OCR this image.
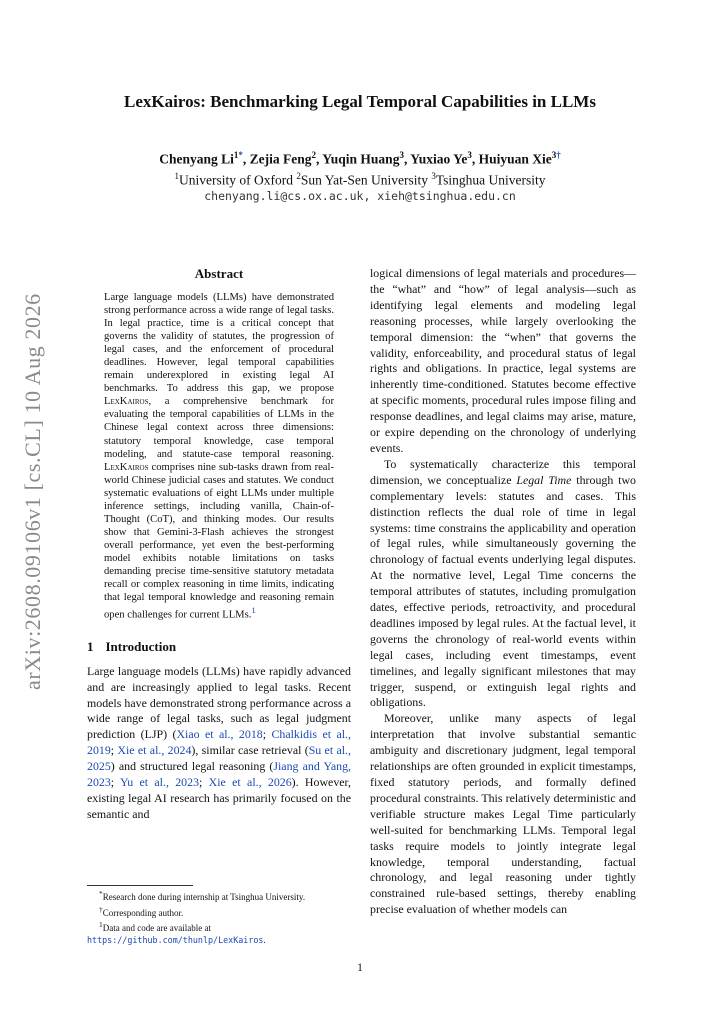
arXiv:2608.09106v1 [cs.CL] 10 Aug 2026
LexKairos: Benchmarking Legal Temporal Capabilities in LLMs
Chenyang $Li^{1*}$, Zejia Feng$^2$, Yuqin Huang$^3$, Yuxiao Ye$^3$, Huiyuan Xie$^{3\dagger}$
$^1$University of Oxford $^2$Sun Yat-Sen University $^3$Tsinghua University
chenyang.li@cs.ox.ac.uk, xieh@tsinghua.edu.cn
Abstract

Large language models (LLMs) have demonstrated strong performance across a wide range of legal tasks. In legal practice, time is a critical concept that governs the validity of statutes, the progression of legal cases, and the enforcement of procedural deadlines. However, legal temporal capabilities remain underexplored in existing legal AI benchmarks. To address this gap, we propose LexKairos, a comprehensive benchmark for evaluating the temporal capabilities of LLMs in the Chinese legal context across three dimensions: statutory temporal knowledge, case temporal modeling, and statute-case temporal reasoning. LexKairos comprises nine sub-tasks drawn from real-world Chinese judicial cases and statutes. We conduct systematic evaluations of eight LLMs under multiple inference settings, including vanilla, Chain-of-Thought (CoT), and thinking modes. Our results show that Gemini-3-Flash achieves the strongest overall performance, yet even the best-performing model exhibits notable limitations on tasks demanding precise time-sensitive statutory metadata recall or complex reasoning in time limits, indicating that legal temporal knowledge and reasoning remain open challenges for current LLMs.$^1$

1 Introduction

Large language models (LLMs) have rapidly advanced and are increasingly applied to legal tasks. Recent models have demonstrated strong performance across a wide range of legal tasks, such as legal judgment prediction (LJP) (Xiao et al., 2018; Chalkidis et al., 2019; Xie et al., 2024), similar case retrieval (Su et al., 2025) and structured legal reasoning (Jiang and Yang, 2023; Yu et al., 2023; Xie et al., 2026). However, existing legal AI research has primarily focused on the semantic and

logical dimensions of legal materials and procedures—the “what” and “how” of legal analysis—such as identifying legal elements and modeling legal reasoning processes, while largely overlooking the temporal dimension: the “when” that governs the validity, enforceability, and procedural status of legal rights and obligations. In practice, legal systems are inherently time-conditioned. Statutes become effective at specific moments, procedural rules impose filing and response deadlines, and legal claims may arise, mature, or expire depending on the chronology of underlying events.

To systematically characterize this temporal dimension, we conceptualize Legal Time through two complementary levels: statutes and cases. This distinction reflects the dual role of time in legal systems: time constrains the applicability and operation of legal rules, while simultaneously governing the chronology of factual events underlying legal disputes. At the normative level, Legal Time concerns the temporal attributes of statutes, including promulgation dates, effective periods, retroactivity, and procedural deadlines imposed by legal rules. At the factual level, it governs the chronology of real-world events within legal cases, including event timestamps, event timelines, and legally significant milestones that may trigger, suspend, or extinguish legal rights and obligations.

Moreover, unlike many aspects of legal interpretation that involve substantial semantic ambiguity and discretionary judgment, legal temporal relationships are often grounded in explicit timestamps, fixed statutory periods, and formally defined procedural constraints. This relatively deterministic and verifiable structure makes Legal Time particularly well-suited for benchmarking LLMs. Temporal legal tasks require models to jointly integrate legal knowledge, temporal understanding, factual chronology, and legal reasoning under tightly constrained rule-based settings, thereby enabling precise evaluation of whether models can

*Research done during internship at Tsinghua University.

†Corresponding author.

$^1$Data and code are available at https://github.com/thunlp/LexKairos.

1
